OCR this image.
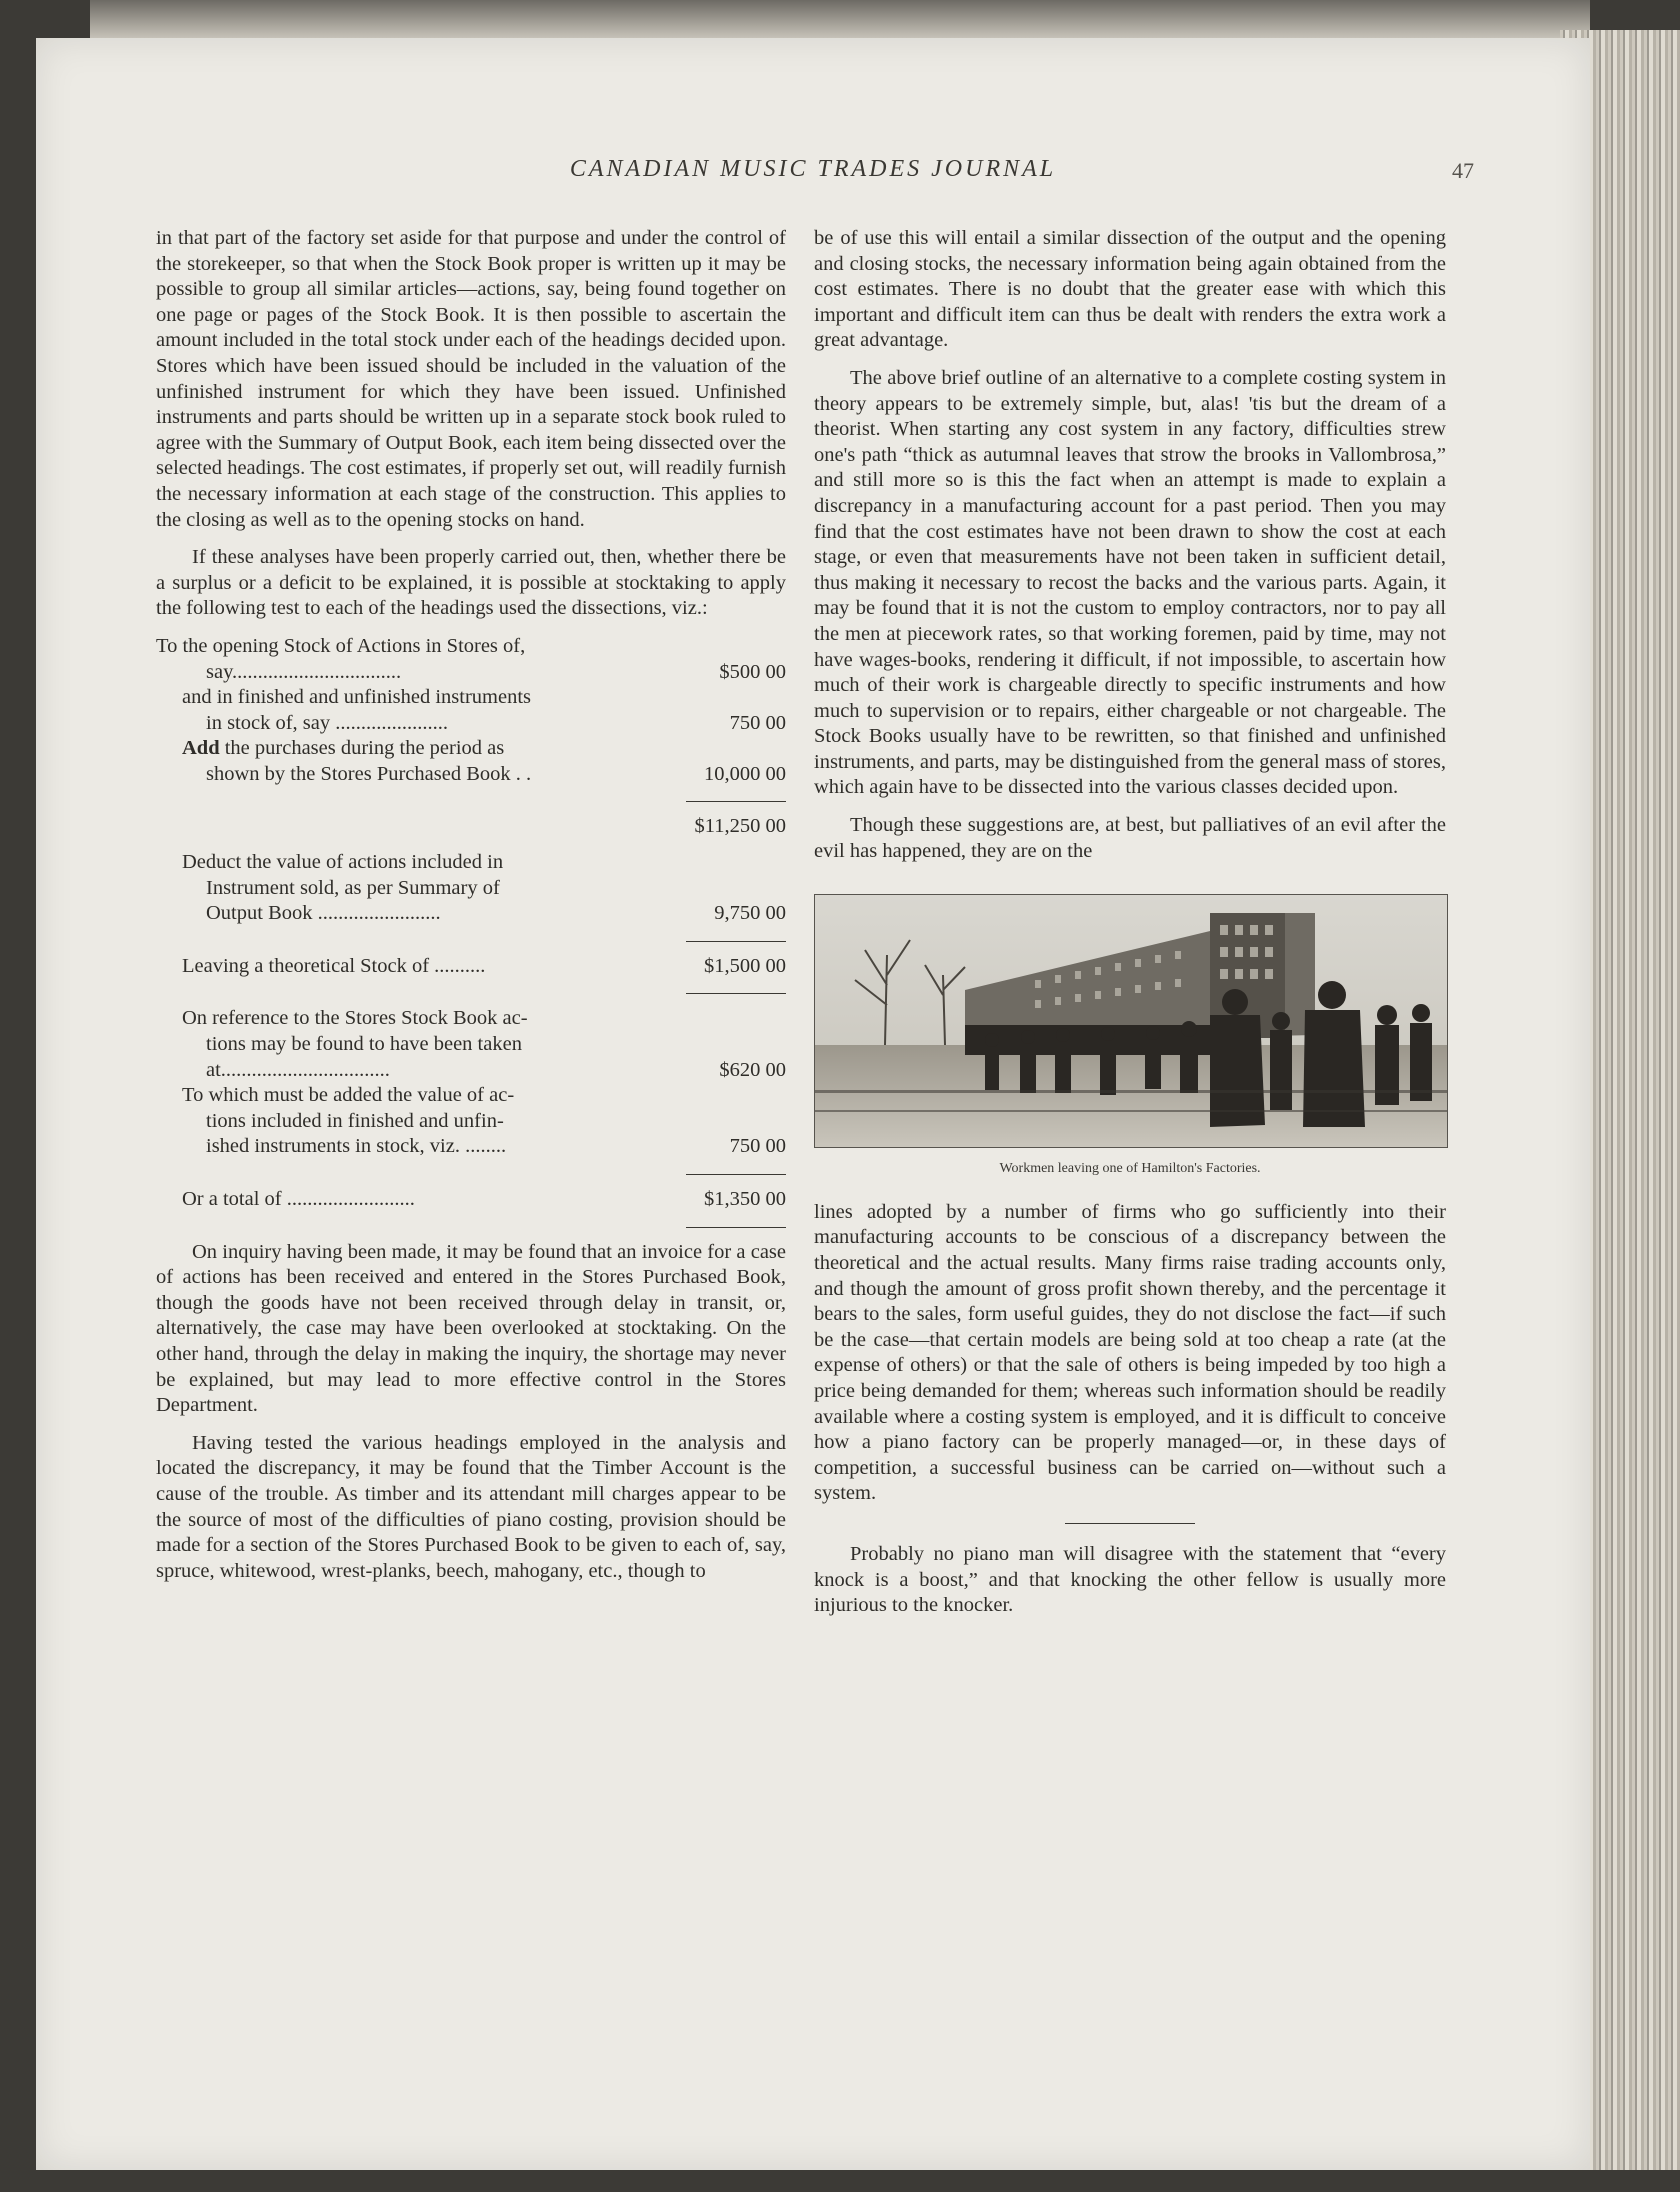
CANADIAN MUSIC TRADES JOURNAL	47

in that part of the factory set aside for that purpose and under the control of the storekeeper, so that when the Stock Book proper is written up it may be possible to group all similar articles—actions, say, being found together on one page or pages of the Stock Book. It is then possible to ascertain the amount included in the total stock under each of the headings decided upon. Stores which have been issued should be included in the valuation of the unfinished instrument for which they have been issued. Unfinished instruments and parts should be written up in a separate stock book ruled to agree with the Summary of Output Book, each item being dissected over the selected headings. The cost estimates, if properly set out, will readily furnish the necessary information at each stage of the construction. This applies to the closing as well as to the opening stocks on hand.

If these analyses have been properly carried out, then, whether there be a surplus or a deficit to be explained, it is possible at stocktaking to apply the following test to each of the headings used the dissections, viz.:

To the opening Stock of Actions in Stores of,
say.................................	$500 00
and in finished and unfinished instruments
in stock of, say ......................	750 00
Add the purchases during the period as
shown by the Stores Purchased Book . .	10,000 00
$11,250 00
Deduct the value of actions included in
Instrument sold, as per Summary of
Output Book ........................	9,750 00
Leaving a theoretical Stock of ..........	$1,500 00
On reference to the Stores Stock Book ac-
tions may be found to have been taken
at.................................	$620 00
To which must be added the value of ac-
tions included in finished and unfin-
ished instruments in stock, viz. ........	750 00
Or a total of .........................	$1,350 00

On inquiry having been made, it may be found that an invoice for a case of actions has been received and entered in the Stores Purchased Book, though the goods have not been received through delay in transit, or, alternatively, the case may have been overlooked at stocktaking. On the other hand, through the delay in making the inquiry, the shortage may never be explained, but may lead to more effective control in the Stores Department.

Having tested the various headings employed in the analysis and located the discrepancy, it may be found that the Timber Account is the cause of the trouble. As timber and its attendant mill charges appear to be the source of most of the difficulties of piano costing, provision should be made for a section of the Stores Purchased Book to be given to each of, say, spruce, whitewood, wrest-planks, beech, mahogany, etc., though to

be of use this will entail a similar dissection of the output and the opening and closing stocks, the necessary information being again obtained from the cost estimates. There is no doubt that the greater ease with which this important and difficult item can thus be dealt with renders the extra work a great advantage.

The above brief outline of an alternative to a complete costing system in theory appears to be extremely simple, but, alas! 'tis but the dream of a theorist. When starting any cost system in any factory, difficulties strew one's path “thick as autumnal leaves that strow the brooks in Vallombrosa,” and still more so is this the fact when an attempt is made to explain a discrepancy in a manufacturing account for a past period. Then you may find that the cost estimates have not been drawn to show the cost at each stage, or even that measurements have not been taken in sufficient detail, thus making it necessary to recost the backs and the various parts. Again, it may be found that it is not the custom to employ contractors, nor to pay all the men at piecework rates, so that working foremen, paid by time, may not have wages-books, rendering it difficult, if not impossible, to ascertain how much of their work is chargeable directly to specific instruments and how much to supervision or to repairs, either chargeable or not chargeable. The Stock Books usually have to be rewritten, so that finished and unfinished instruments, and parts, may be distinguished from the general mass of stores, which again have to be dissected into the various classes decided upon.

Though these suggestions are, at best, but palliatives of an evil after the evil has happened, they are on the

Workmen leaving one of Hamilton's Factories.

lines adopted by a number of firms who go sufficiently into their manufacturing accounts to be conscious of a discrepancy between the theoretical and the actual results. Many firms raise trading accounts only, and though the amount of gross profit shown thereby, and the percentage it bears to the sales, form useful guides, they do not disclose the fact—if such be the case—that certain models are being sold at too cheap a rate (at the expense of others) or that the sale of others is being impeded by too high a price being demanded for them; whereas such information should be readily available where a costing system is employed, and it is difficult to conceive how a piano factory can be properly managed—or, in these days of competition, a successful business can be carried on—without such a system.

Probably no piano man will disagree with the statement that “every knock is a boost,” and that knocking the other fellow is usually more injurious to the knocker.
